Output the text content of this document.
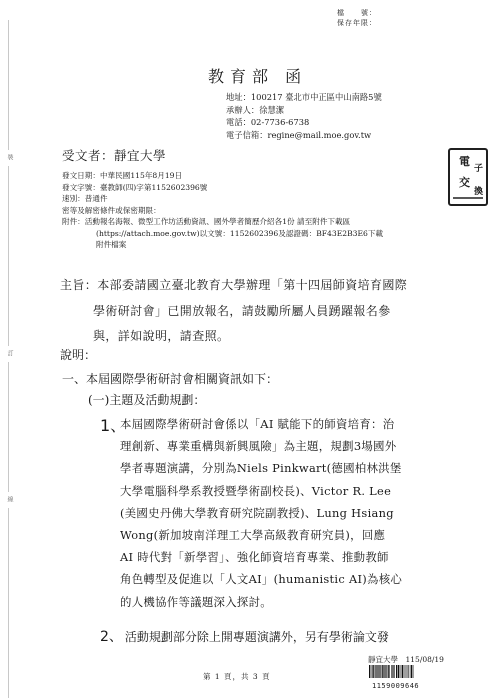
裝
訂
線
檔　　號：
保存年限：
教育部 函
地址：100217 臺北市中正區中山南路5號
承辦人：徐慧潔
電話：02-7736-6738
電子信箱：regine@mail.moe.gov.tw
電
子
交
換
受文者：靜宜大學
發文日期：中華民國115年8月19日
發文字號：臺教師(四)字第1152602396號
速別：普通件
密等及解密條件或保密期限：
附件：活動報名海報、微型工作坊活動資訊、國外學者簡歷介紹各1份 請至附件下載區
(https://attach.moe.gov.tw)以文號：1152602396及認證碼：BF43E2B3E6下載
附件檔案
主旨：本部委請國立臺北教育大學辦理「第十四屆師資培育國際
學術研討會」已開放報名，請鼓勵所屬人員踴躍報名參
與，詳如說明，請查照。
說明：
一、本屆國際學術研討會相關資訊如下：
(一)主題及活動規劃：
1、
本屆國際學術研討會係以「AI 賦能下的師資培育：治
理創新、專業重構與新興風險」為主題，規劃3場國外
學者專題演講，分別為Niels Pinkwart(德國柏林洪堡
大學電腦科學系教授暨學術副校長)、Victor R. Lee
(美國史丹佛大學教育研究院副教授)、Lung Hsiang
Wong(新加坡南洋理工大學高級教育研究員)，回應
AI 時代對「新學習」、強化師資培育專業、推動教師
角色轉型及促進以「人文AI」(humanistic AI)為核心
的人機協作等議題深入探討。
2、 活動規劃部分除上開專題演講外，另有學術論文發
第 1 頁，共 3 頁
靜宜大學　115/08/19
1159009646
